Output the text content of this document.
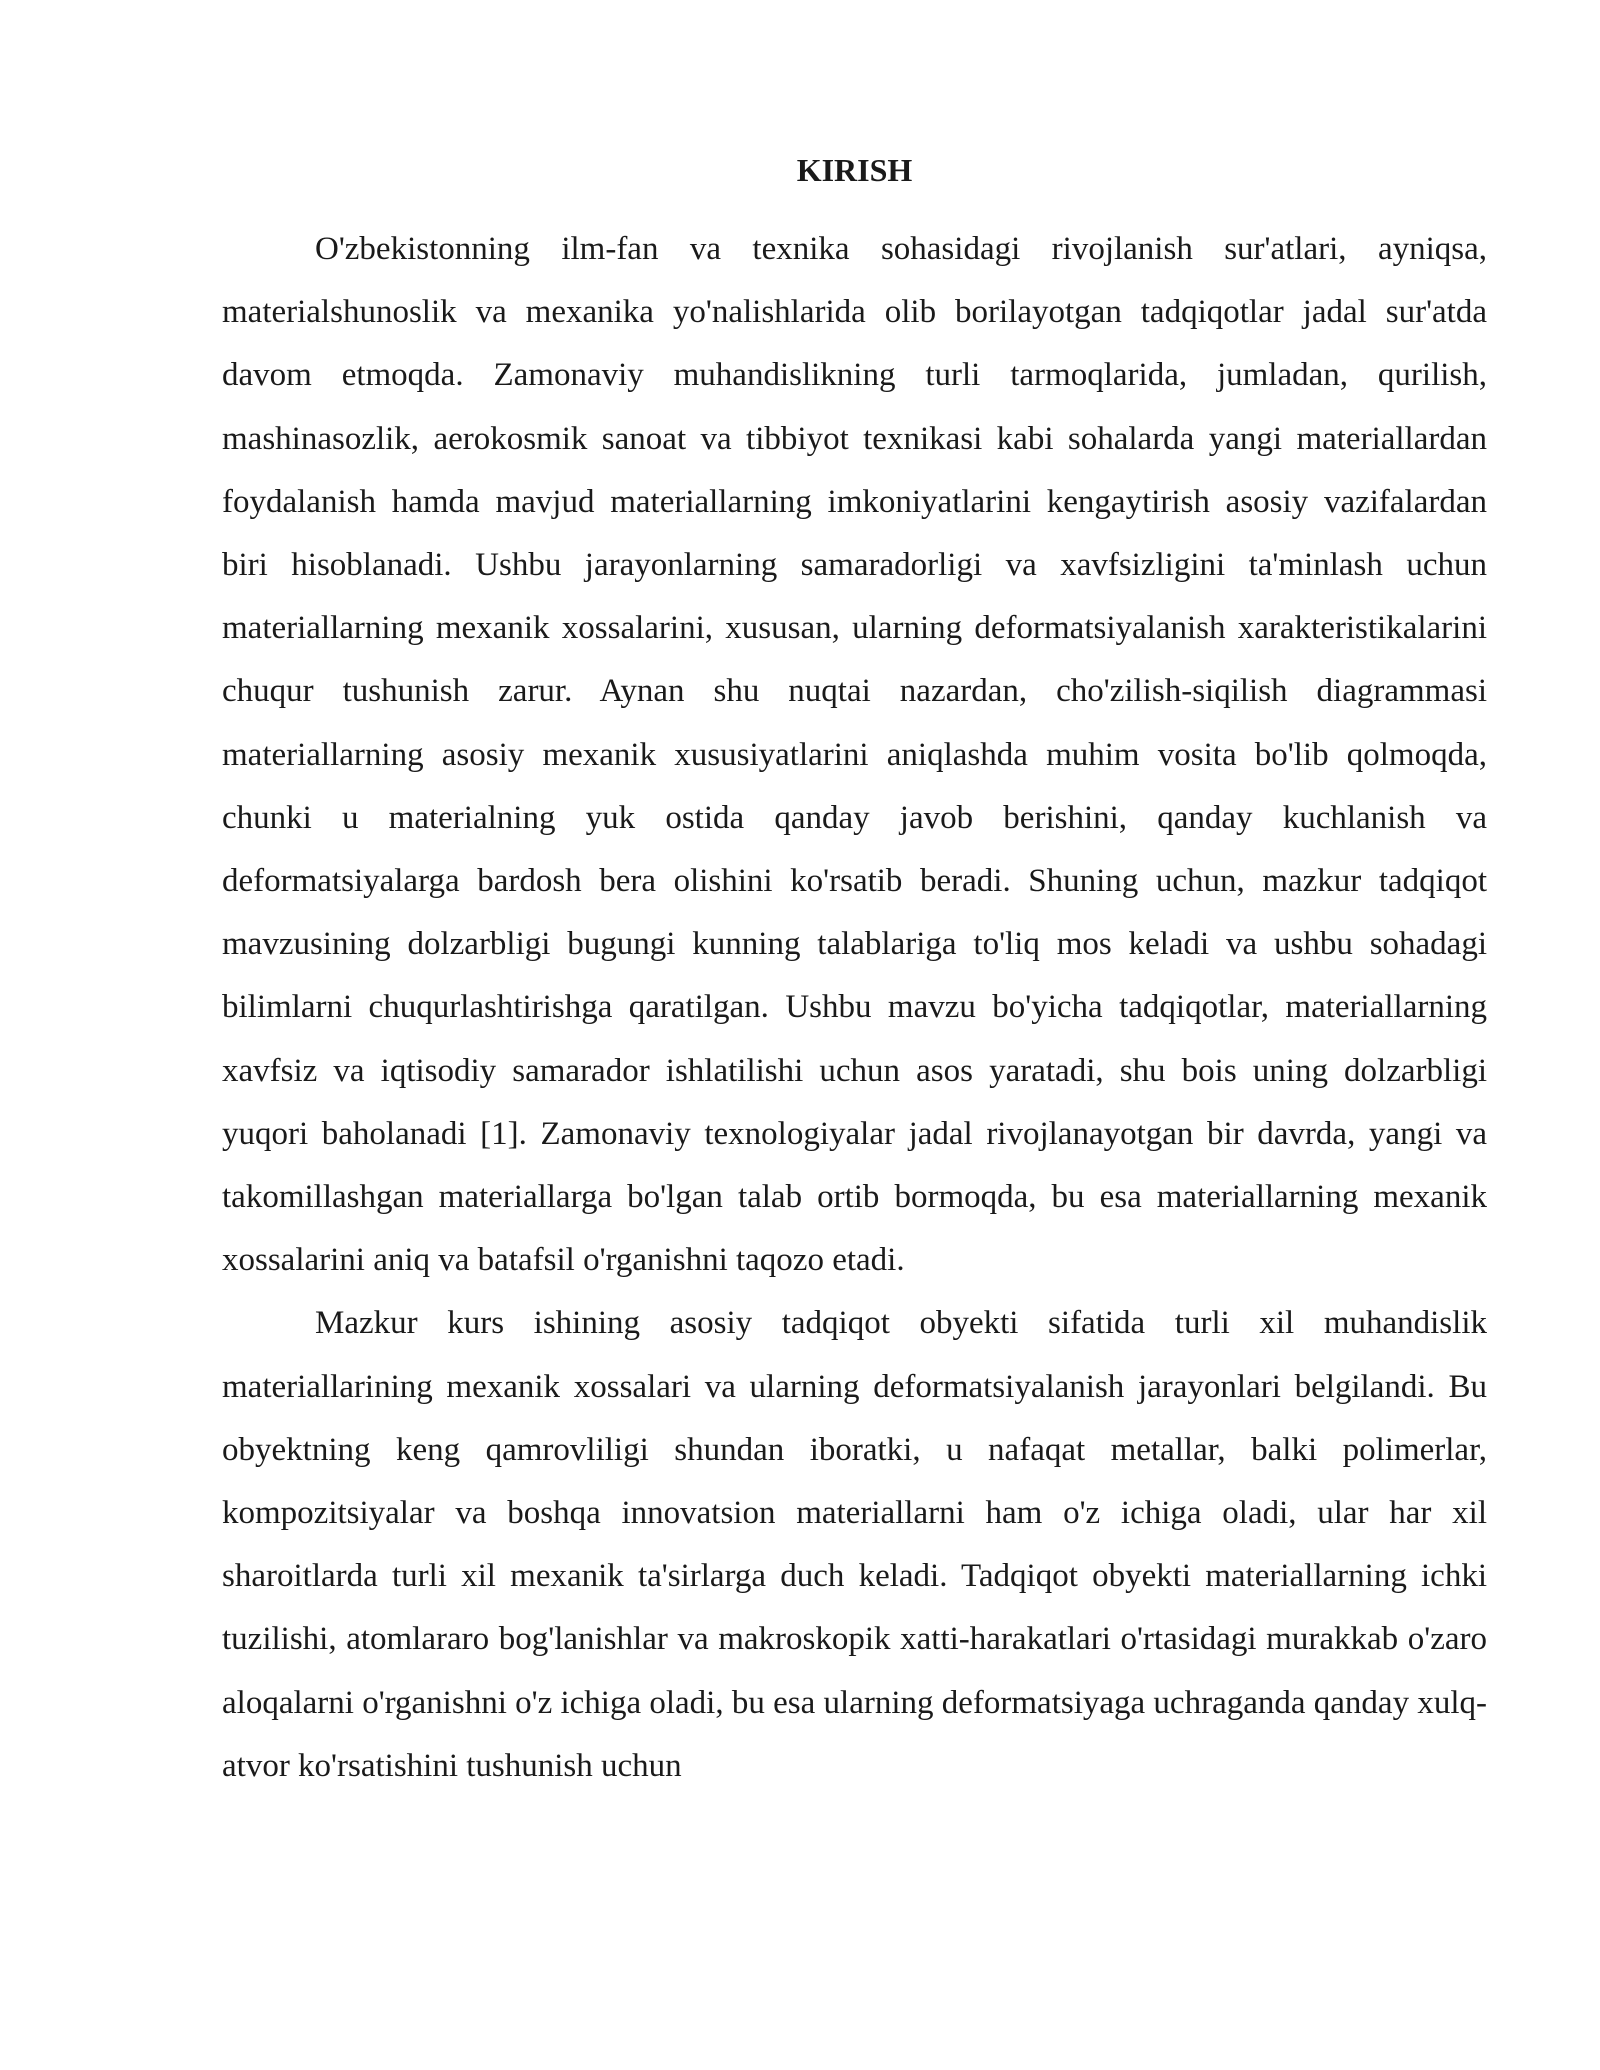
KIRISH

O'zbekistonning ilm-fan va texnika sohasidagi rivojlanish sur'atlari, ayniqsa, materialshunoslik va mexanika yo'nalishlarida olib borilayotgan tadqiqotlar jadal sur'atda davom etmoqda. Zamonaviy muhandislikning turli tarmoqlarida, jumladan, qurilish, mashinasozlik, aerokosmik sanoat va tibbiyot texnikasi kabi sohalarda yangi materiallardan foydalanish hamda mavjud materiallarning imkoniyatlarini kengaytirish asosiy vazifalardan biri hisoblanadi. Ushbu jarayonlarning samaradorligi va xavfsizligini ta'minlash uchun materiallarning mexanik xossalarini, xususan, ularning deformatsiyalanish xarakteristikalarini chuqur tushunish zarur. Aynan shu nuqtai nazardan, cho'zilish-siqilish diagrammasi materiallarning asosiy mexanik xususiyatlarini aniqlashda muhim vosita bo'lib qolmoqda, chunki u materialning yuk ostida qanday javob berishini, qanday kuchlanish va deformatsiyalarga bardosh bera olishini ko'rsatib beradi. Shuning uchun, mazkur tadqiqot mavzusining dolzarbligi bugungi kunning talablariga to'liq mos keladi va ushbu sohadagi bilimlarni chuqurlashtirishga qaratilgan. Ushbu mavzu bo'yicha tadqiqotlar, materiallarning xavfsiz va iqtisodiy samarador ishlatilishi uchun asos yaratadi, shu bois uning dolzarbligi yuqori baholanadi [1]. Zamonaviy texnologiyalar jadal rivojlanayotgan bir davrda, yangi va takomillashgan materiallarga bo'lgan talab ortib bormoqda, bu esa materiallarning mexanik xossalarini aniq va batafsil o'rganishni taqozo etadi.

Mazkur kurs ishining asosiy tadqiqot obyekti sifatida turli xil muhandislik materiallarining mexanik xossalari va ularning deformatsiyalanish jarayonlari belgilandi. Bu obyektning keng qamrovliligi shundan iboratki, u nafaqat metallar, balki polimerlar, kompozitsiyalar va boshqa innovatsion materiallarni ham o'z ichiga oladi, ular har xil sharoitlarda turli xil mexanik ta'sirlarga duch keladi. Tadqiqot obyekti materiallarning ichki tuzilishi, atomlararo bog'lanishlar va makroskopik xatti-harakatlari o'rtasidagi murakkab o'zaro aloqalarni o'rganishni o'z ichiga oladi, bu esa ularning deformatsiyaga uchraganda qanday xulq-atvor ko'rsatishini tushunish uchun
